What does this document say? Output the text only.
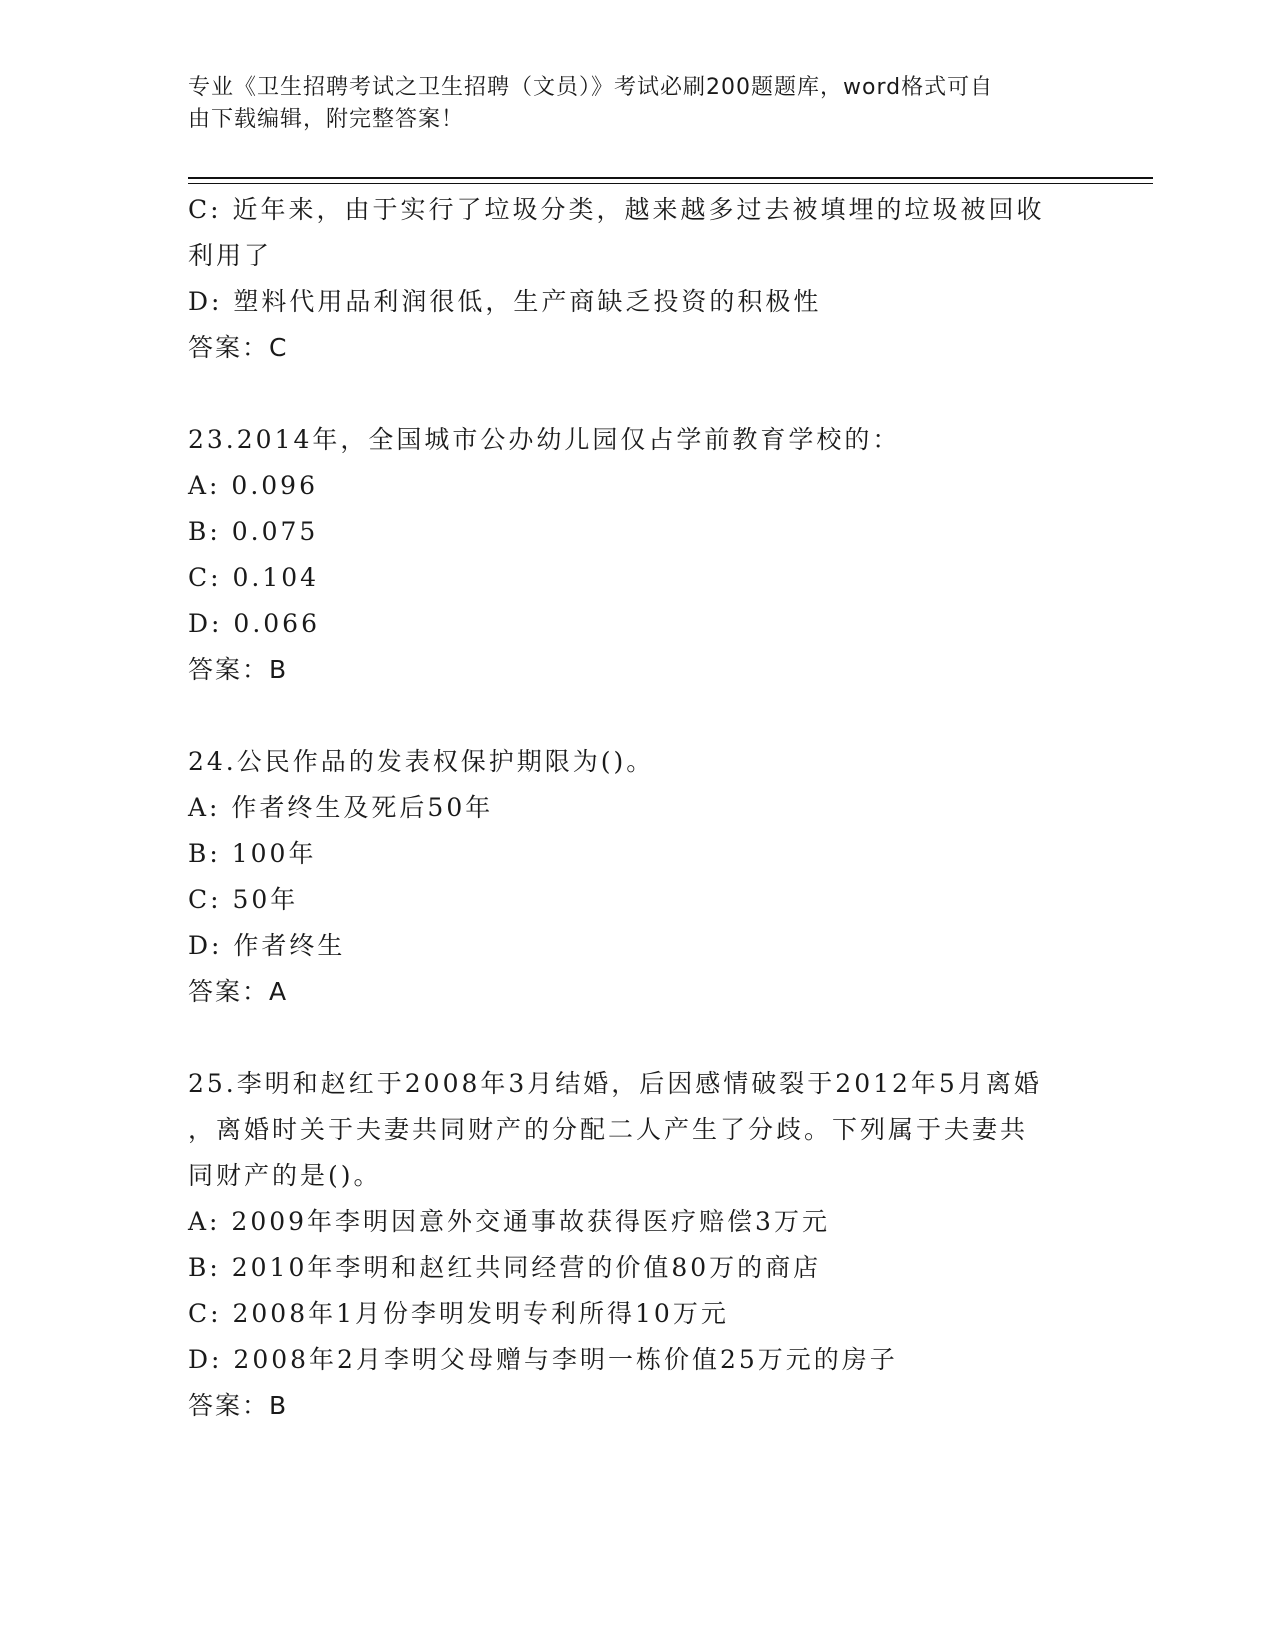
专业《卫生招聘考试之卫生招聘（文员）》考试必刷200题题库，word格式可自
由下载编辑，附完整答案！

C: 近年来，由于实行了垃圾分类，越来越多过去被填埋的垃圾被回收

利用了

D: 塑料代用品利润很低，生产商缺乏投资的积极性

答案：C

23.2014年，全国城市公办幼儿园仅占学前教育学校的：

A: 0.096

B: 0.075

C: 0.104

D: 0.066

答案：B

24.公民作品的发表权保护期限为()。

A: 作者终生及死后50年

B: 100年

C: 50年

D: 作者终生

答案：A

25.李明和赵红于2008年3月结婚，后因感情破裂于2012年5月离婚

，离婚时关于夫妻共同财产的分配二人产生了分歧。下列属于夫妻共

同财产的是()。

A: 2009年李明因意外交通事故获得医疗赔偿3万元

B: 2010年李明和赵红共同经营的价值80万的商店

C: 2008年1月份李明发明专利所得10万元

D: 2008年2月李明父母赠与李明一栋价值25万元的房子

答案：B
